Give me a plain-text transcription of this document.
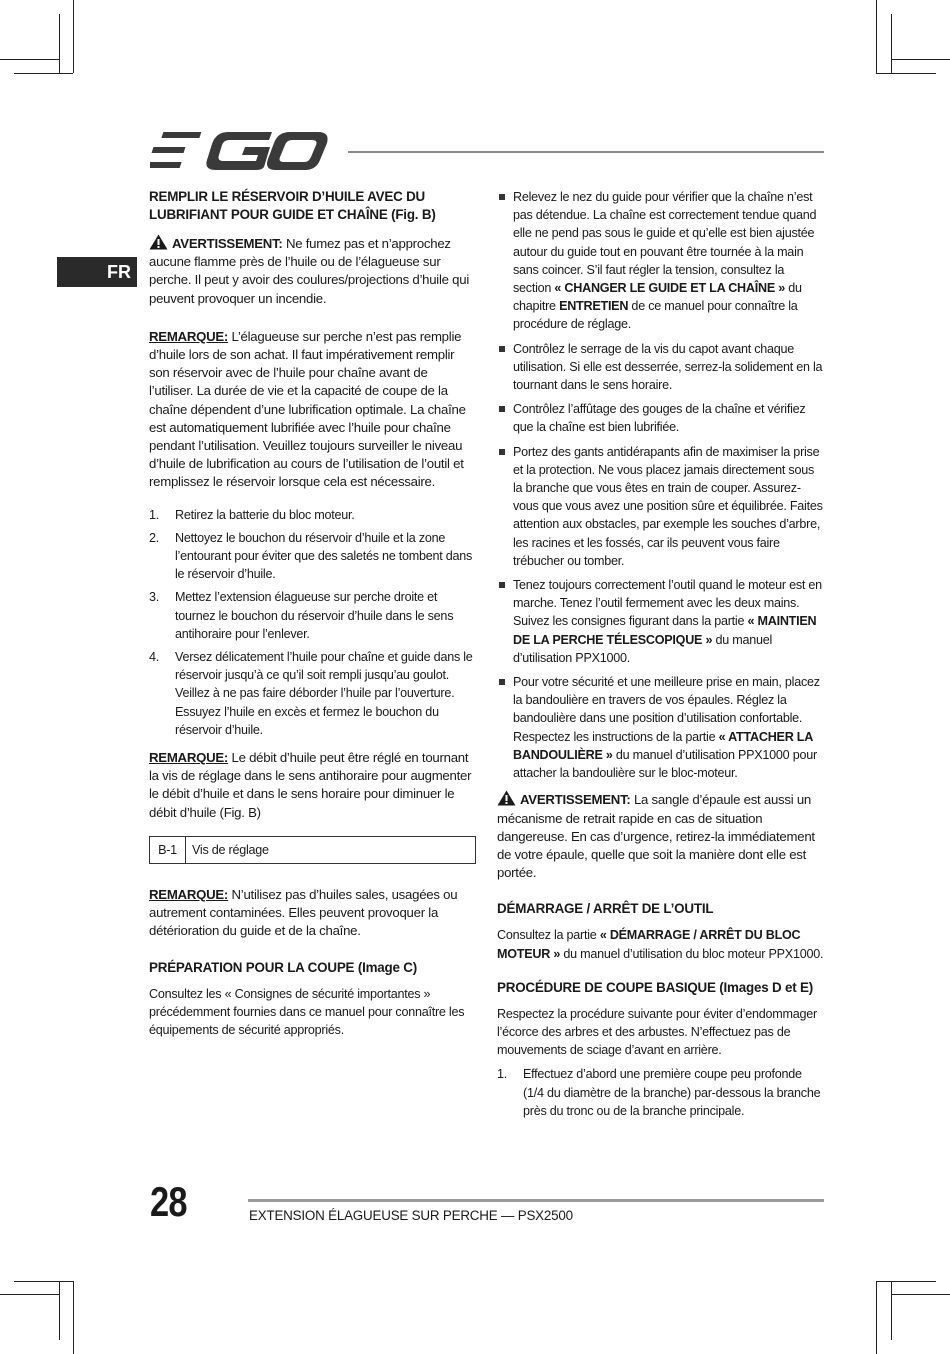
FR
REMPLIR LE RÉSERVOIR D’HUILE AVEC DU LUBRIFIANT POUR GUIDE ET CHAÎNE (Fig. B)
AVERTISSEMENT: Ne fumez pas et n’approchez aucune flamme près de l’huile ou de l’élagueuse sur perche. Il peut y avoir des coulures/projections d’huile qui peuvent provoquer un incendie.
REMARQUE: L’élagueuse sur perche n’est pas remplie d’huile lors de son achat. Il faut impérativement remplir son réservoir avec de l’huile pour chaîne avant de l’utiliser. La durée de vie et la capacité de coupe de la chaîne dépendent d’une lubrification optimale. La chaîne est automatiquement lubrifiée avec l’huile pour chaîne pendant l’utilisation. Veuillez toujours surveiller le niveau d’huile de lubrification au cours de l’utilisation de l’outil et remplissez le réservoir lorsque cela est nécessaire.
1. Retirez la batterie du bloc moteur.
2. Nettoyez le bouchon du réservoir d’huile et la zone l’entourant pour éviter que des saletés ne tombent dans le réservoir d’huile.
3. Mettez l’extension élagueuse sur perche droite et tournez le bouchon du réservoir d’huile dans le sens antihoraire pour l’enlever.
4. Versez délicatement l’huile pour chaîne et guide dans le réservoir jusqu’à ce qu’il soit rempli jusqu’au goulot. Veillez à ne pas faire déborder l’huile par l’ouverture. Essuyez l’huile en excès et fermez le bouchon du réservoir d’huile.
REMARQUE: Le débit d’huile peut être réglé en tournant la vis de réglage dans le sens antihoraire pour augmenter le débit d’huile et dans le sens horaire pour diminuer le débit d’huile (Fig. B)
B-1	Vis de réglage
REMARQUE: N’utilisez pas d’huiles sales, usagées ou autrement contaminées. Elles peuvent provoquer la détérioration du guide et de la chaîne.
PRÉPARATION POUR LA COUPE (Image C)

Consultez les « Consignes de sécurité importantes » précédemment fournies dans ce manuel pour connaître les équipements de sécurité appropriés.

Relevez le nez du guide pour vérifier que la chaîne n’est pas détendue. La chaîne est correctement tendue quand elle ne pend pas sous le guide et qu’elle est bien ajustée autour du guide tout en pouvant être tournée à la main sans coincer. S’il faut régler la tension, consultez la section « CHANGER LE GUIDE ET LA CHAÎNE » du chapitre ENTRETIEN de ce manuel pour connaître la procédure de réglage.
Contrôlez le serrage de la vis du capot avant chaque utilisation. Si elle est desserrée, serrez-la solidement en la tournant dans le sens horaire.
Contrôlez l’affûtage des gouges de la chaîne et vérifiez que la chaîne est bien lubrifiée.
Portez des gants antidérapants afin de maximiser la prise et la protection. Ne vous placez jamais directement sous la branche que vous êtes en train de couper. Assurez-vous que vous avez une position sûre et équilibrée. Faites attention aux obstacles, par exemple les souches d’arbre, les racines et les fossés, car ils peuvent vous faire trébucher ou tomber.
Tenez toujours correctement l’outil quand le moteur est en marche. Tenez l’outil fermement avec les deux mains. Suivez les consignes figurant dans la partie « MAINTIEN DE LA PERCHE TÉLESCOPIQUE » du manuel d’utilisation PPX1000.
Pour votre sécurité et une meilleure prise en main, placez la bandoulière en travers de vos épaules. Réglez la bandoulière dans une position d’utilisation confortable. Respectez les instructions de la partie « ATTACHER LA BANDOULIÈRE » du manuel d’utilisation PPX1000 pour attacher la bandoulière sur le bloc-moteur.
AVERTISSEMENT: La sangle d’épaule est aussi un mécanisme de retrait rapide en cas de situation dangereuse. En cas d’urgence, retirez-la immédiatement de votre épaule, quelle que soit la manière dont elle est portée.
DÉMARRAGE / ARRÊT DE L’OUTIL

Consultez la partie « DÉMARRAGE / ARRÊT DU BLOC MOTEUR » du manuel d’utilisation du bloc moteur PPX1000.

PROCÉDURE DE COUPE BASIQUE (Images D et E)

Respectez la procédure suivante pour éviter d’endommager l’écorce des arbres et des arbustes. N’effectuez pas de mouvements de sciage d’avant en arrière.

1. Effectuez d’abord une première coupe peu profonde (1/4 du diamètre de la branche) par-dessous la branche près du tronc ou de la branche principale.
28	EXTENSION ÉLAGUEUSE SUR PERCHE — PSX2500
